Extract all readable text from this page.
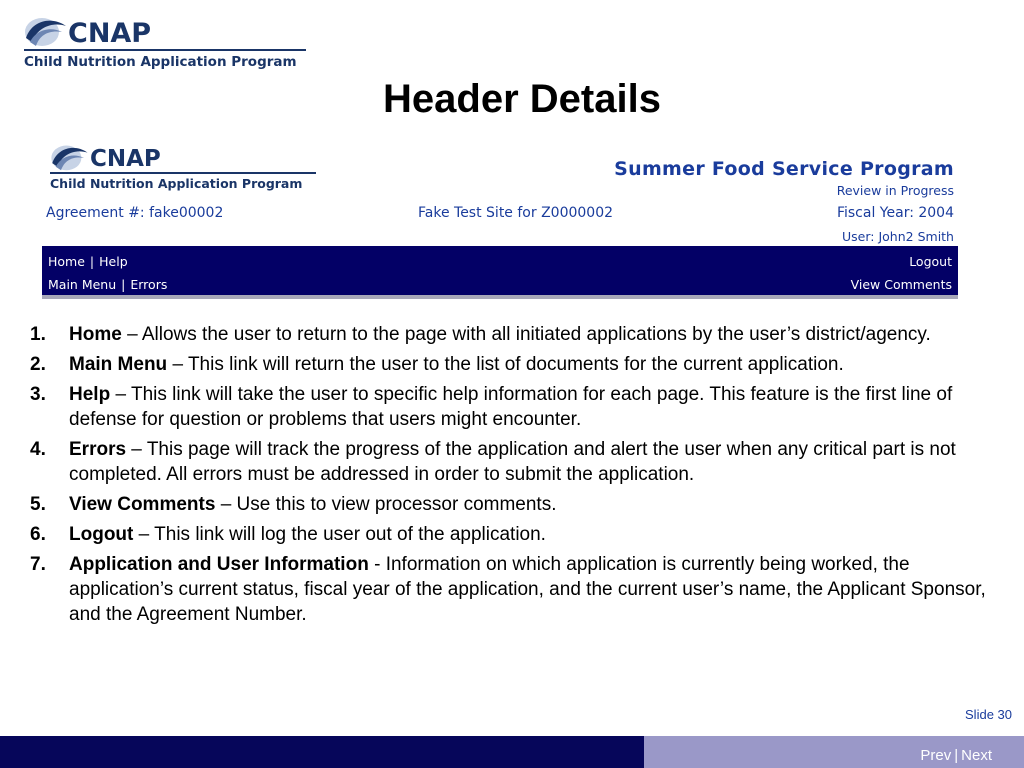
CNAP
Child Nutrition Application Program
Header Details
CNAP
Child Nutrition Application Program
Summer Food Service Program
Review in Progress
Agreement #: fake00002	Fake Test Site for Z0000002	Fiscal Year: 2004
User: John2 Smith
Home | Help	Logout
Main Menu | Errors	View Comments
1. Home – Allows the user to return to the page with all initiated applications by the user’s district/agency.
2. Main Menu – This link will return the user to the list of documents for the current application.
3. Help – This link will take the user to specific help information for each page. This feature is the first line of defense for question or problems that users might encounter.
4. Errors – This page will track the progress of the application and alert the user when any critical part is not completed. All errors must be addressed in order to submit the application.
5. View Comments – Use this to view processor comments.
6. Logout – This link will log the user out of the application.
7. Application and User Information - Information on which application is currently being worked, the application’s current status, fiscal year of the application, and the current user’s name, the Applicant Sponsor, and the Agreement Number.
Slide 30
Prev | Next
